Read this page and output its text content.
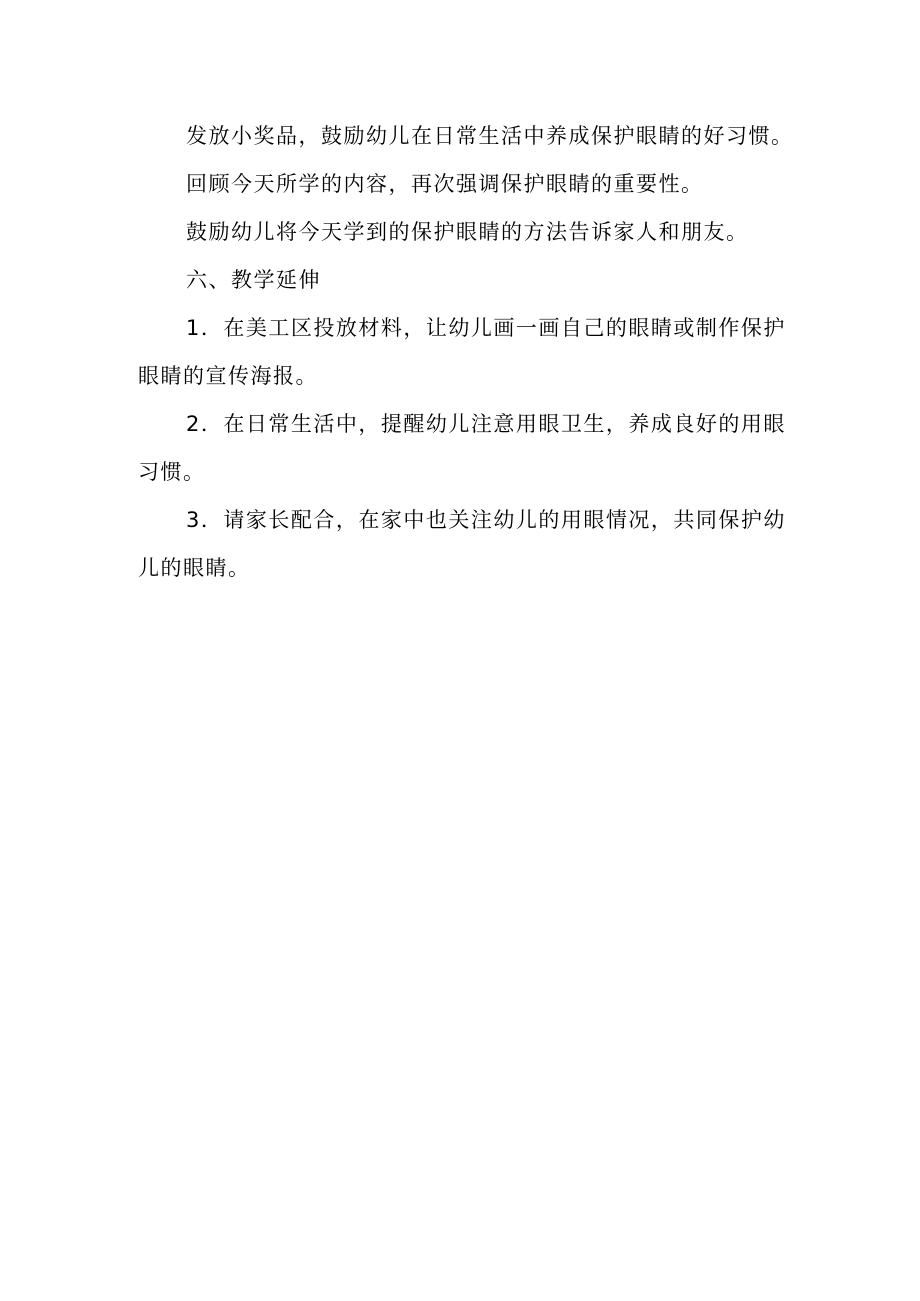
发放小奖品，鼓励幼儿在日常生活中养成保护眼睛的好习惯。

回顾今天所学的内容，再次强调保护眼睛的重要性。

鼓励幼儿将今天学到的保护眼睛的方法告诉家人和朋友。

六、教学延伸

1．在美工区投放材料，让幼儿画一画自己的眼睛或制作保护眼睛的宣传海报。

2．在日常生活中，提醒幼儿注意用眼卫生，养成良好的用眼习惯。

3．请家长配合，在家中也关注幼儿的用眼情况，共同保护幼儿的眼睛。
